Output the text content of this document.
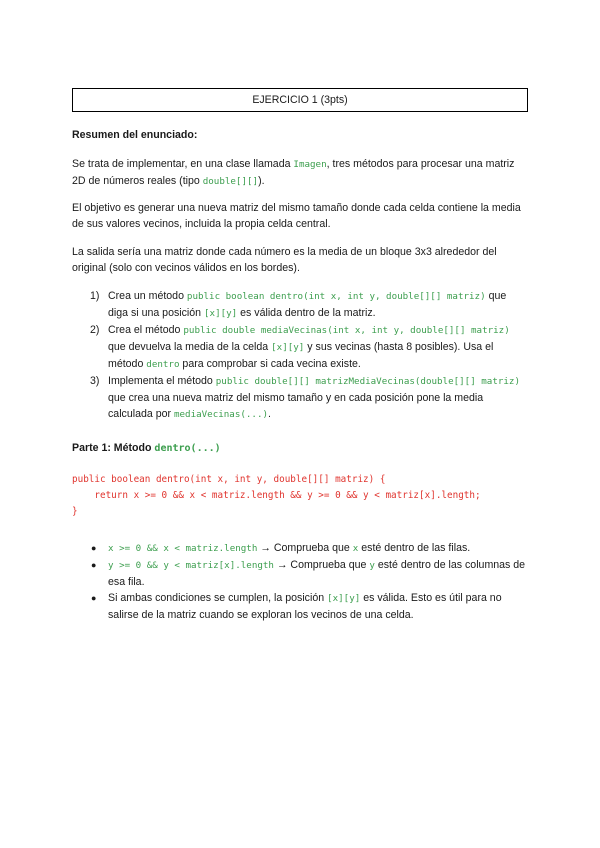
EJERCICIO 1 (3pts)

Resumen del enunciado:

Se trata de implementar, en una clase llamada Imagen, tres métodos para procesar una matriz 2D de números reales (tipo double[][]).

El objetivo es generar una nueva matriz del mismo tamaño donde cada celda contiene la media de sus valores vecinos, incluida la propia celda central.

La salida sería una matriz donde cada número es la media de un bloque 3x3 alrededor del original (solo con vecinos válidos en los bordes).

1) Crea un método public boolean dentro(int x, int y, double[][] matriz) que diga si una posición [x][y] es válida dentro de la matriz.
2) Crea el método public double mediaVecinas(int x, int y, double[][] matriz) que devuelva la media de la celda [x][y] y sus vecinas (hasta 8 posibles). Usa el método dentro para comprobar si cada vecina existe.
3) Implementa el método public double[][] matrizMediaVecinas(double[][] matriz) que crea una nueva matriz del mismo tamaño y en cada posición pone la media calculada por mediaVecinas(...).

Parte 1: Método dentro(...)

public boolean dentro(int x, int y, double[][] matriz) {
return x >= 0 && x < matriz.length && y >= 0 && y < matriz[x].length;
}
● x >= 0 && x < matriz.length → Comprueba que x esté dentro de las filas.
● y >= 0 && y < matriz[x].length → Comprueba que y esté dentro de las columnas de esa fila.
● Si ambas condiciones se cumplen, la posición [x][y] es válida. Esto es útil para no salirse de la matriz cuando se exploran los vecinos de una celda.
